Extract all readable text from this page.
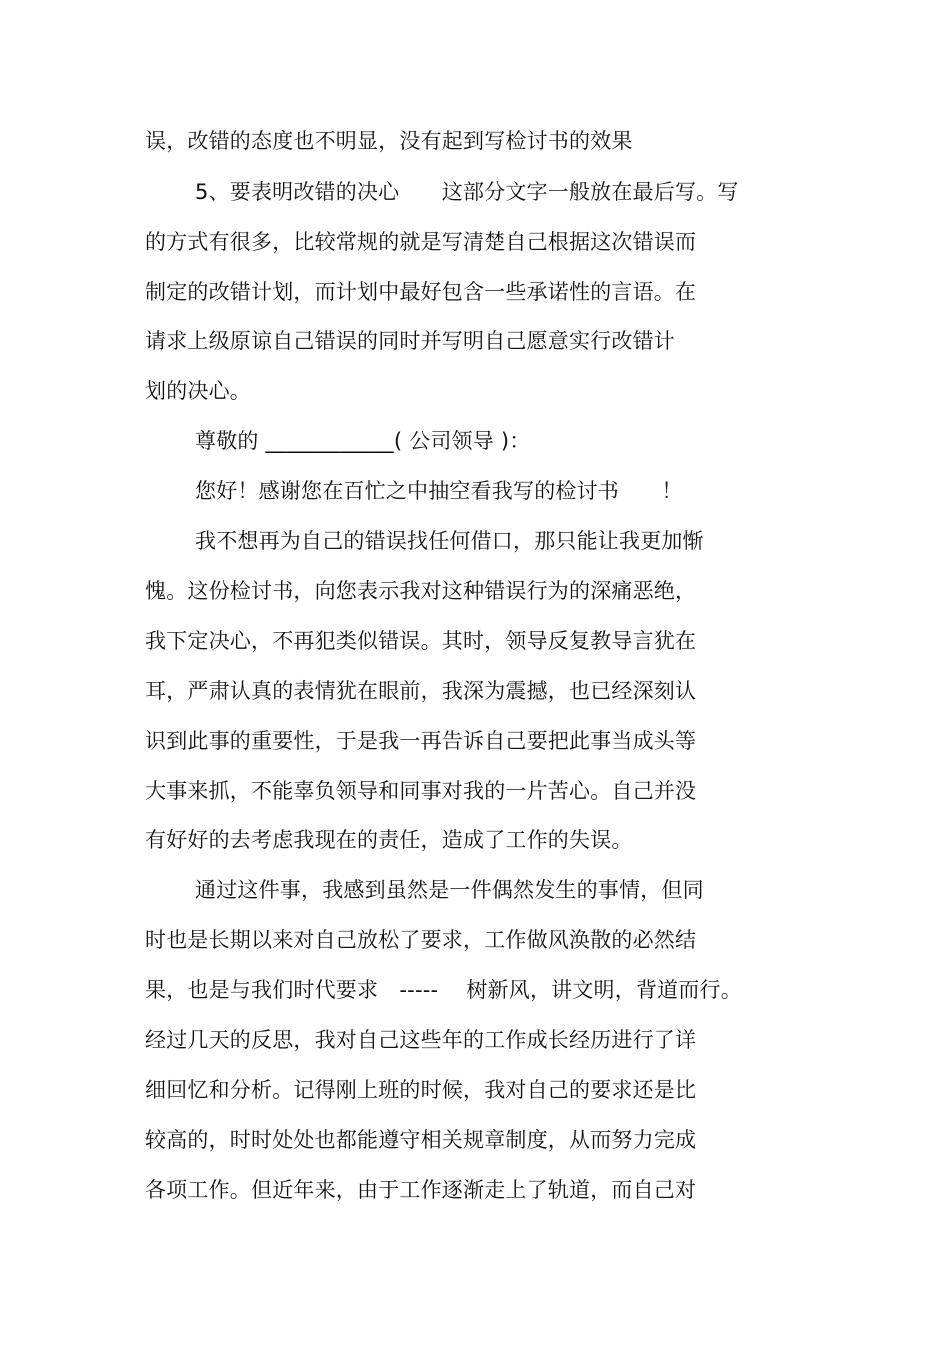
误，改错的态度也不明显，没有起到写检讨书的效果
5、要表明改错的决心　　这部分文字一般放在最后写。写
的方式有很多，比较常规的就是写清楚自己根据这次错误而
制定的改错计划，而计划中最好包含一些承诺性的言语。在
请求上级原谅自己错误的同时并写明自己愿意实行改错计
划的决心。
尊敬的 ____________( 公司领导 )：
您好！感谢您在百忙之中抽空看我写的检讨书　　！
我不想再为自己的错误找任何借口，那只能让我更加惭
愧。这份检讨书，向您表示我对这种错误行为的深痛恶绝，
我下定决心，不再犯类似错误。其时，领导反复教导言犹在
耳，严肃认真的表情犹在眼前，我深为震撼，也已经深刻认
识到此事的重要性，于是我一再告诉自己要把此事当成头等
大事来抓，不能辜负领导和同事对我的一片苦心。自己并没
有好好的去考虑我现在的责任，造成了工作的失误。
通过这件事，我感到虽然是一件偶然发生的事情，但同
时也是长期以来对自己放松了要求，工作做风涣散的必然结
果，也是与我们时代要求　----- 　树新风，讲文明，背道而行。
经过几天的反思，我对自己这些年的工作成长经历进行了详
细回忆和分析。记得刚上班的时候，我对自己的要求还是比
较高的，时时处处也都能遵守相关规章制度，从而努力完成
各项工作。但近年来，由于工作逐渐走上了轨道，而自己对
